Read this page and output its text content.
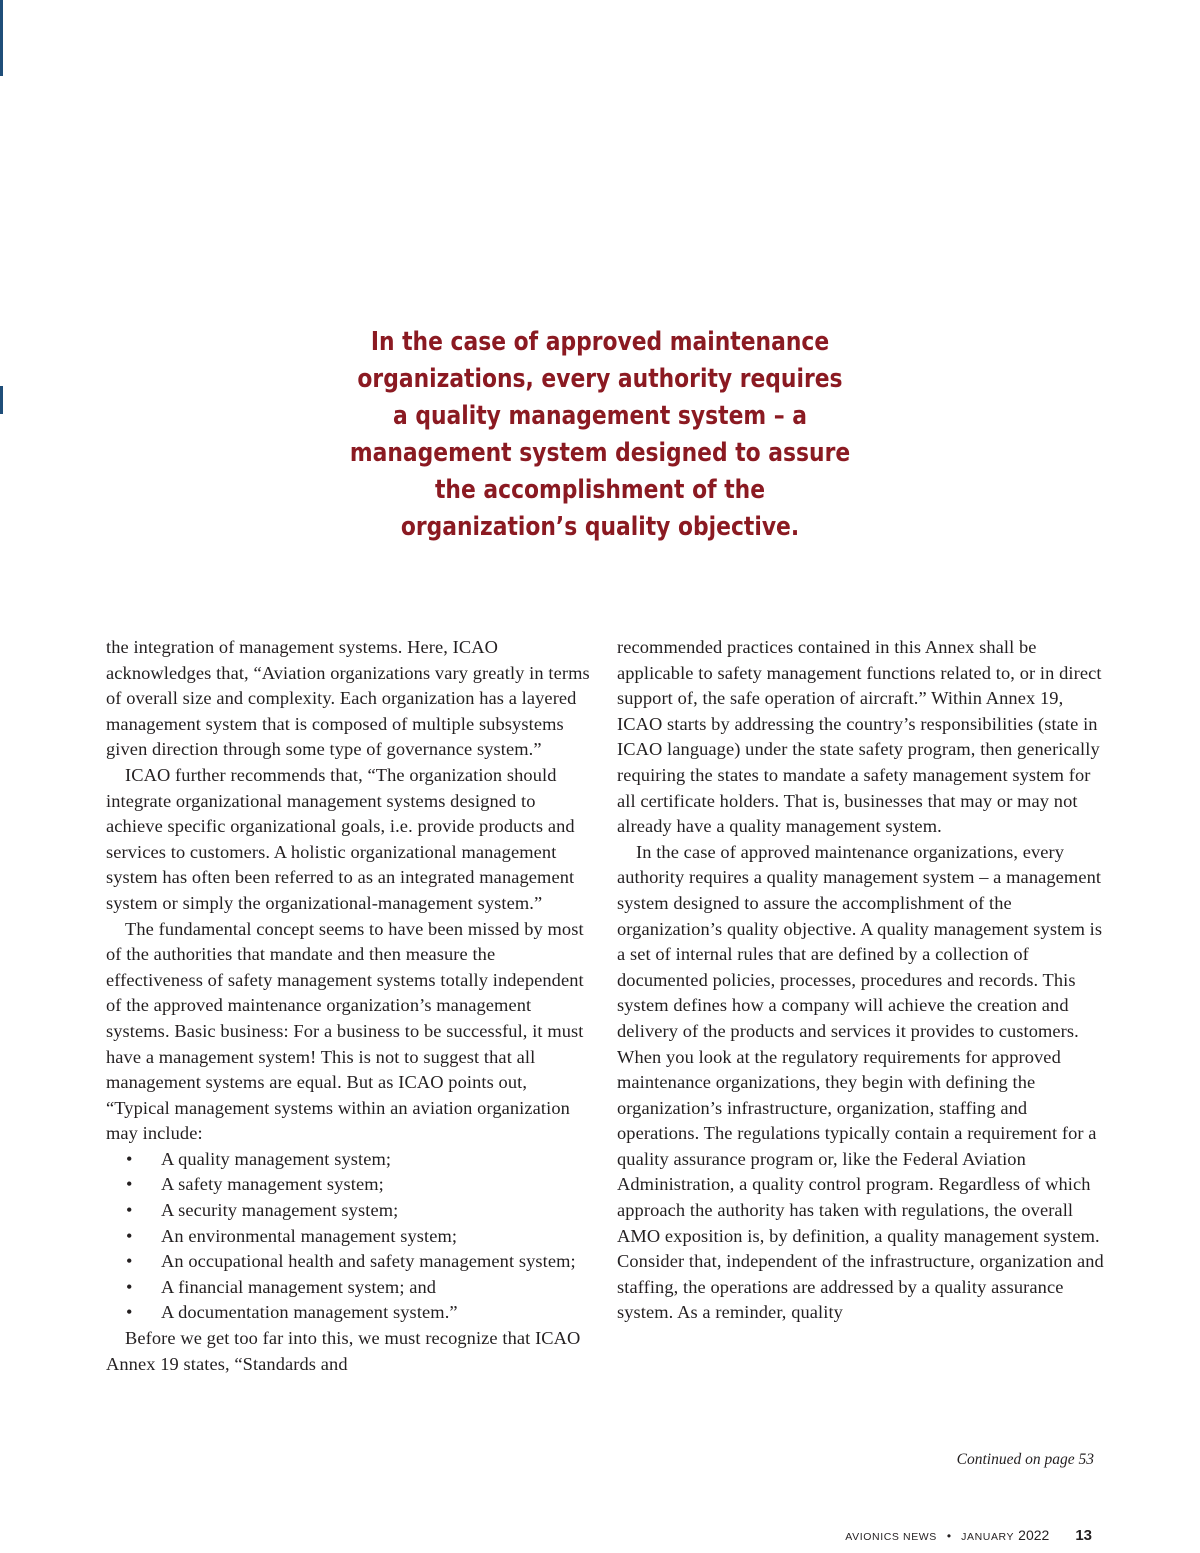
In the case of approved maintenance organizations, every authority requires a quality management system – a management system designed to assure the accomplishment of the organization’s quality objective.

the integration of management systems. Here, ICAO acknowledges that, “Aviation organizations vary greatly in terms of overall size and complexity. Each organization has a layered management system that is composed of multiple subsystems given direction through some type of governance system.”

ICAO further recommends that, “The organization should integrate organizational management systems designed to achieve specific organizational goals, i.e. provide products and services to customers. A holistic organizational management system has often been referred to as an integrated management system or simply the organizational-management system.”

The fundamental concept seems to have been missed by most of the authorities that mandate and then measure the effectiveness of safety management systems totally independent of the approved maintenance organization’s management systems. Basic business: For a business to be successful, it must have a management system! This is not to suggest that all management systems are equal. But as ICAO points out, “Typical management systems within an aviation organization may include:

• A quality management system;
• A safety management system;
• A security management system;
• An environmental management system;
• An occupational health and safety management system;
• A financial management system; and
• A documentation management system.”

Before we get too far into this, we must recognize that ICAO Annex 19 states, “Standards and

recommended practices contained in this Annex shall be applicable to safety management functions related to, or in direct support of, the safe operation of aircraft.” Within Annex 19, ICAO starts by addressing the country’s responsibilities (state in ICAO language) under the state safety program, then generically requiring the states to mandate a safety management system for all certificate holders. That is, businesses that may or may not already have a quality management system.

In the case of approved maintenance organizations, every authority requires a quality management system – a management system designed to assure the accomplishment of the organization’s quality objective. A quality management system is a set of internal rules that are defined by a collection of documented policies, processes, procedures and records. This system defines how a company will achieve the creation and delivery of the products and services it provides to customers. When you look at the regulatory requirements for approved maintenance organizations, they begin with defining the organization’s infrastructure, organization, staffing and operations. The regulations typically contain a requirement for a quality assurance program or, like the Federal Aviation Administration, a quality control program. Regardless of which approach the authority has taken with regulations, the overall AMO exposition is, by definition, a quality management system. Consider that, independent of the infrastructure, organization and staffing, the operations are addressed by a quality assurance system. As a reminder, quality

Continued on page 53

AVIONICS NEWS • JANUARY 2022 13
